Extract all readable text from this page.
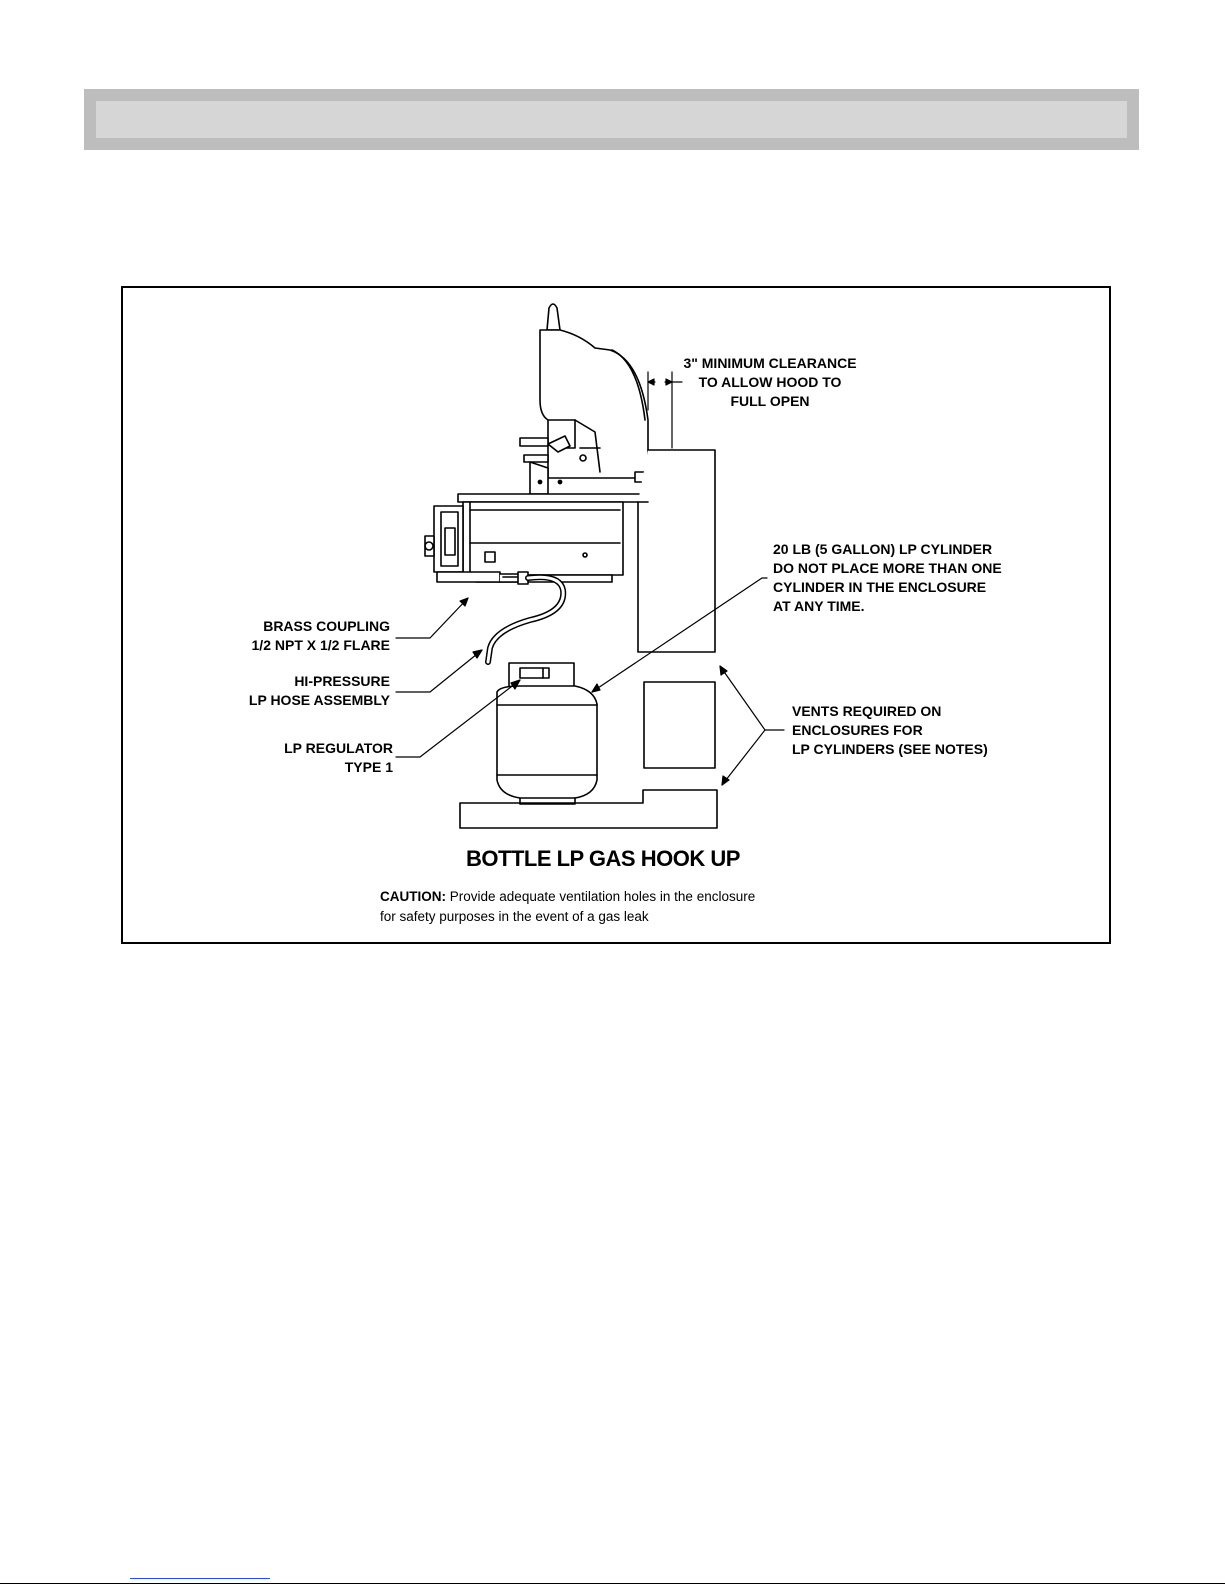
3" MINIMUM CLEARANCE
TO ALLOW HOOD TO
FULL OPEN
20 LB (5 GALLON) LP CYLINDER
DO NOT PLACE MORE THAN ONE
CYLINDER IN THE ENCLOSURE
AT ANY TIME.
BRASS COUPLING
1/2 NPT X 1/2 FLARE
HI-PRESSURE
LP HOSE ASSEMBLY
LP REGULATOR
TYPE 1
VENTS REQUIRED ON
ENCLOSURES FOR
LP CYLINDERS (SEE NOTES)
BOTTLE LP GAS HOOK UP
CAUTION: Provide adequate ventilation holes in the enclosure for safety purposes in the event of a gas leak
